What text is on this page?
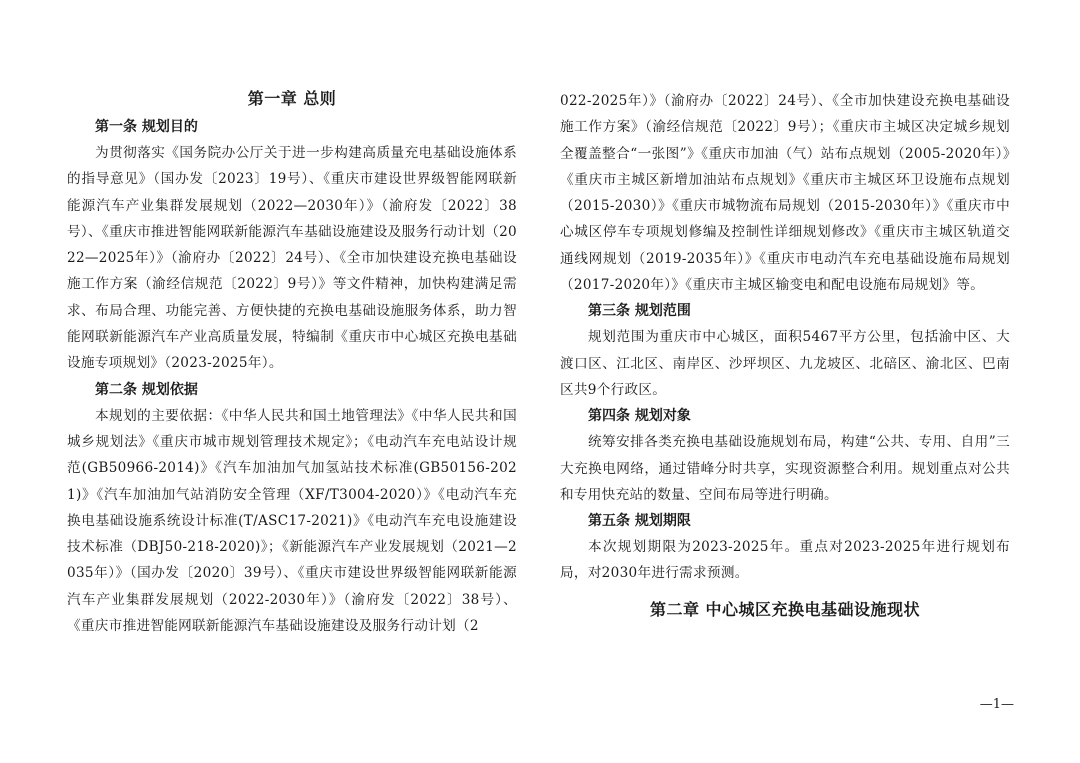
第一章 总则
第一条 规划目的

为贯彻落实《国务院办公厅关于进一步构建高质量充电基础设施体系的指导意见》（国办发〔2023〕19号）、《重庆市建设世界级智能网联新能源汽车产业集群发展规划（2022—2030年）》（渝府发〔2022〕38号）、《重庆市推进智能网联新能源汽车基础设施建设及服务行动计划（2022—2025年）》（渝府办〔2022〕24号）、《全市加快建设充换电基础设施工作方案（渝经信规范〔2022〕9号）》等文件精神，加快构建满足需求、布局合理、功能完善、方便快捷的充换电基础设施服务体系，助力智能网联新能源汽车产业高质量发展，特编制《重庆市中心城区充换电基础设施专项规划》（2023-2025年）。

第二条 规划依据

本规划的主要依据：《中华人民共和国土地管理法》《中华人民共和国城乡规划法》《重庆市城市规划管理技术规定》；《电动汽车充电站设计规范(GB50966-2014)》《汽车加油加气加氢站技术标准(GB50156-2021)》《汽车加油加气站消防安全管理（XF/T3004-2020）》《电动汽车充换电基础设施系统设计标准(T/ASC17-2021)》《电动汽车充电设施建设技术标准（DBJ50-218-2020)》；《新能源汽车产业发展规划（2021—2035年）》（国办发〔2020〕39号）、《重庆市建设世界级智能网联新能源汽车产业集群发展规划（2022-2030年）》（渝府发〔2022〕38号）、《重庆市推进智能网联新能源汽车基础设施建设及服务行动计划（2

022-2025年）》（渝府办〔2022〕24号）、《全市加快建设充换电基础设施工作方案》（渝经信规范〔2022〕9号）；《重庆市主城区决定城乡规划全覆盖整合“一张图”》《重庆市加油（气）站布点规划（2005-2020年）》《重庆市主城区新增加油站布点规划》《重庆市主城区环卫设施布点规划（2015-2030）》《重庆市城物流布局规划（2015-2030年）》《重庆市中心城区停车专项规划修编及控制性详细规划修改》《重庆市主城区轨道交通线网规划（2019-2035年）》《重庆市电动汽车充电基础设施布局规划（2017-2020年）》《重庆市主城区输变电和配电设施布局规划》等。

第三条 规划范围

规划范围为重庆市中心城区，面积5467平方公里，包括渝中区、大渡口区、江北区、南岸区、沙坪坝区、九龙坡区、北碚区、渝北区、巴南区共9个行政区。

第四条 规划对象

统筹安排各类充换电基础设施规划布局，构建“公共、专用、自用”三大充换电网络，通过错峰分时共享，实现资源整合利用。规划重点对公共和专用快充站的数量、空间布局等进行明确。

第五条 规划期限

本次规划期限为2023-2025年。重点对2023-2025年进行规划布局，对2030年进行需求预测。

第二章 中心城区充换电基础设施现状
—1—
